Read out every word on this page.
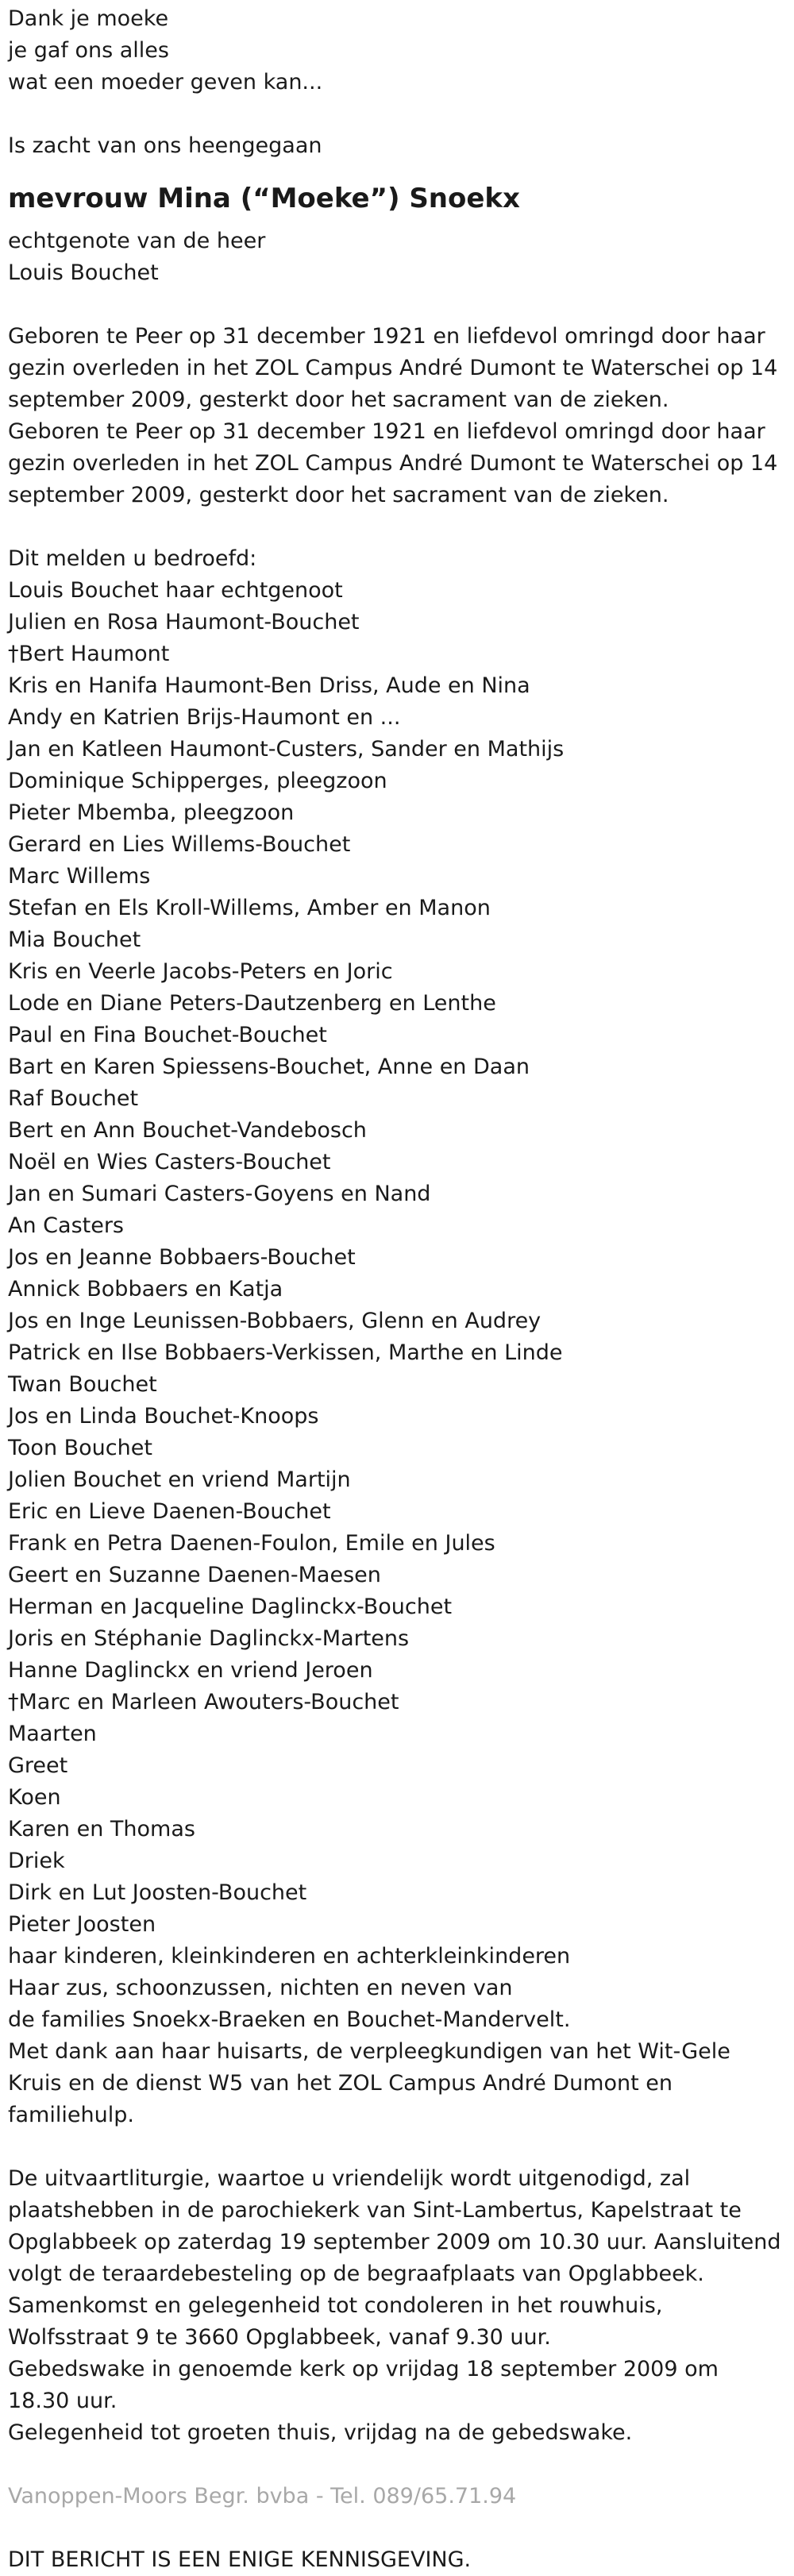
Dank je moeke
je gaf ons alles
wat een moeder geven kan...
Is zacht van ons heengegaan
mevrouw Mina (“Moeke”) Snoekx
echtgenote van de heer
Louis Bouchet
Geboren te Peer op 31 december 1921 en liefdevol omringd door haar gezin overleden in het ZOL Campus André Dumont te Waterschei op 14 september 2009, gesterkt door het sacrament van de zieken.
Geboren te Peer op 31 december 1921 en liefdevol omringd door haar gezin overleden in het ZOL Campus André Dumont te Waterschei op 14 september 2009, gesterkt door het sacrament van de zieken.
Dit melden u bedroefd:
Louis Bouchet haar echtgenoot
Julien en Rosa Haumont-Bouchet
†Bert Haumont
Kris en Hanifa Haumont-Ben Driss, Aude en Nina
Andy en Katrien Brijs-Haumont en ...
Jan en Katleen Haumont-Custers, Sander en Mathijs
Dominique Schipperges, pleegzoon
Pieter Mbemba, pleegzoon
Gerard en Lies Willems-Bouchet
Marc Willems
Stefan en Els Kroll-Willems, Amber en Manon
Mia Bouchet
Kris en Veerle Jacobs-Peters en Joric
Lode en Diane Peters-Dautzenberg en Lenthe
Paul en Fina Bouchet-Bouchet
Bart en Karen Spiessens-Bouchet, Anne en Daan
Raf Bouchet
Bert en Ann Bouchet-Vandebosch
Noël en Wies Casters-Bouchet
Jan en Sumari Casters-Goyens en Nand
An Casters
Jos en Jeanne Bobbaers-Bouchet
Annick Bobbaers en Katja
Jos en Inge Leunissen-Bobbaers, Glenn en Audrey
Patrick en Ilse Bobbaers-Verkissen, Marthe en Linde
Twan Bouchet
Jos en Linda Bouchet-Knoops
Toon Bouchet
Jolien Bouchet en vriend Martijn
Eric en Lieve Daenen-Bouchet
Frank en Petra Daenen-Foulon, Emile en Jules
Geert en Suzanne Daenen-Maesen
Herman en Jacqueline Daglinckx-Bouchet
Joris en Stéphanie Daglinckx-Martens
Hanne Daglinckx en vriend Jeroen
†Marc en Marleen Awouters-Bouchet
Maarten
Greet
Koen
Karen en Thomas
Driek
Dirk en Lut Joosten-Bouchet
Pieter Joosten
haar kinderen, kleinkinderen en achterkleinkinderen
Haar zus, schoonzussen, nichten en neven van
de families Snoekx-Braeken en Bouchet-Mandervelt.
Met dank aan haar huisarts, de verpleegkundigen van het Wit-Gele Kruis en de dienst W5 van het ZOL Campus André Dumont en familiehulp.
De uitvaartliturgie, waartoe u vriendelijk wordt uitgenodigd, zal plaatshebben in de parochiekerk van Sint-Lambertus, Kapelstraat te Opglabbeek op zaterdag 19 september 2009 om 10.30 uur. Aansluitend volgt de teraardebesteling op de begraafplaats van Opglabbeek.
Samenkomst en gelegenheid tot condoleren in het rouwhuis, Wolfsstraat 9 te 3660 Opglabbeek, vanaf 9.30 uur.
Gebedswake in genoemde kerk op vrijdag 18 september 2009 om 18.30 uur.
Gelegenheid tot groeten thuis, vrijdag na de gebedswake.
Vanoppen-Moors Begr. bvba - Tel. 089/65.71.94
DIT BERICHT IS EEN ENIGE KENNISGEVING.
